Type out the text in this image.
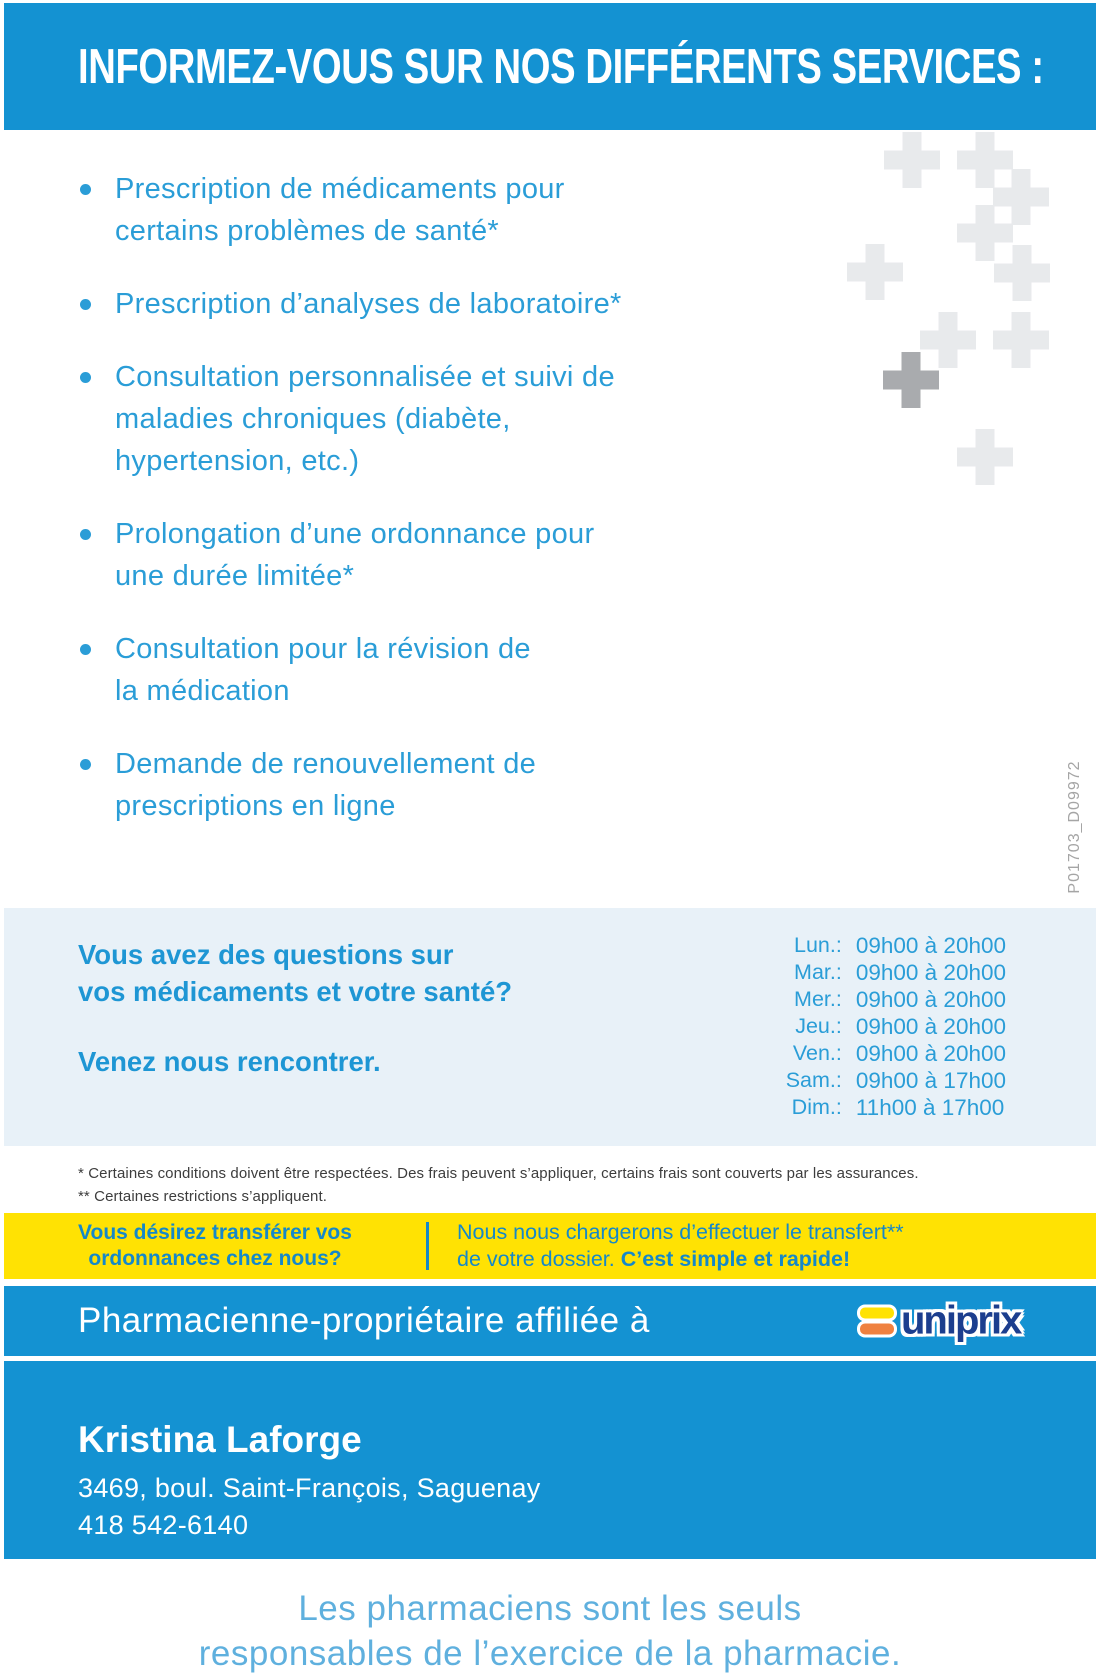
INFORMEZ-VOUS SUR NOS DIFFÉRENTS SERVICES :
Prescription de médicaments pour
certains problèmes de santé*
Prescription d’analyses de laboratoire*
Consultation personnalisée et suivi de
maladies chroniques (diabète,
hypertension, etc.)
Prolongation d’une ordonnance pour
une durée limitée*
Consultation pour la révision de
la médication
Demande de renouvellement de
prescriptions en ligne	P01703_D09972
Vous avez des questions sur
vos médicaments et votre santé?
Venez nous rencontrer.
Lun.: 09h00 à 20h00
Mar.: 09h00 à 20h00
Mer.: 09h00 à 20h00
Jeu.: 09h00 à 20h00
Ven.: 09h00 à 20h00
Sam.: 09h00 à 17h00
Dim.: 11h00 à 17h00
* Certaines conditions doivent être respectées. Des frais peuvent s’appliquer, certains frais sont couverts par les assurances.
** Certaines restrictions s’appliquent.
Vous désirez transférer vos
ordonnances chez nous?
Nous nous chargerons d’effectuer le transfert**
de votre dossier. C’est simple et rapide!
Pharmacienne-propriétaire affiliée à	uniprix
Kristina Laforge
3469, boul. Saint-François, Saguenay
418 542-6140
Les pharmaciens sont les seuls
responsables de l’exercice de la pharmacie.
